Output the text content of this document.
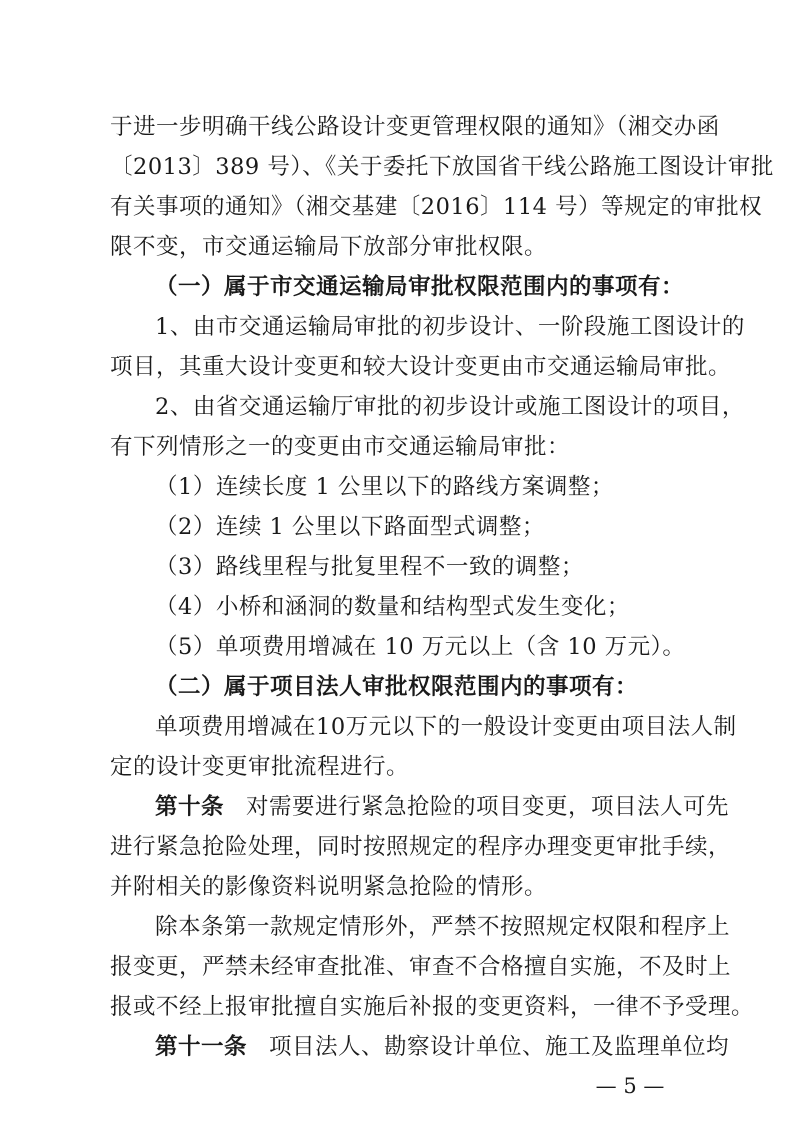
于进一步明确干线公路设计变更管理权限的通知》（湘交办函
〔2013〕389 号）、《关于委托下放国省干线公路施工图设计审批
有关事项的通知》（湘交基建〔2016〕114 号）等规定的审批权
限不变，市交通运输局下放部分审批权限。
（一）属于市交通运输局审批权限范围内的事项有：
1、由市交通运输局审批的初步设计、一阶段施工图设计的
项目，其重大设计变更和较大设计变更由市交通运输局审批。
2、由省交通运输厅审批的初步设计或施工图设计的项目，
有下列情形之一的变更由市交通运输局审批：
（1）连续长度 1 公里以下的路线方案调整；
（2）连续 1 公里以下路面型式调整；
（3）路线里程与批复里程不一致的调整；
（4）小桥和涵洞的数量和结构型式发生变化；
（5）单项费用增减在 10 万元以上（含 10 万元）。
（二）属于项目法人审批权限范围内的事项有：
单项费用增减在10万元以下的一般设计变更由项目法人制
定的设计变更审批流程进行。
第十条 对需要进行紧急抢险的项目变更，项目法人可先
进行紧急抢险处理，同时按照规定的程序办理变更审批手续，
并附相关的影像资料说明紧急抢险的情形。
除本条第一款规定情形外，严禁不按照规定权限和程序上
报变更，严禁未经审查批准、审查不合格擅自实施，不及时上
报或不经上报审批擅自实施后补报的变更资料，一律不予受理。
第十一条 项目法人、勘察设计单位、施工及监理单位均
— 5 —
